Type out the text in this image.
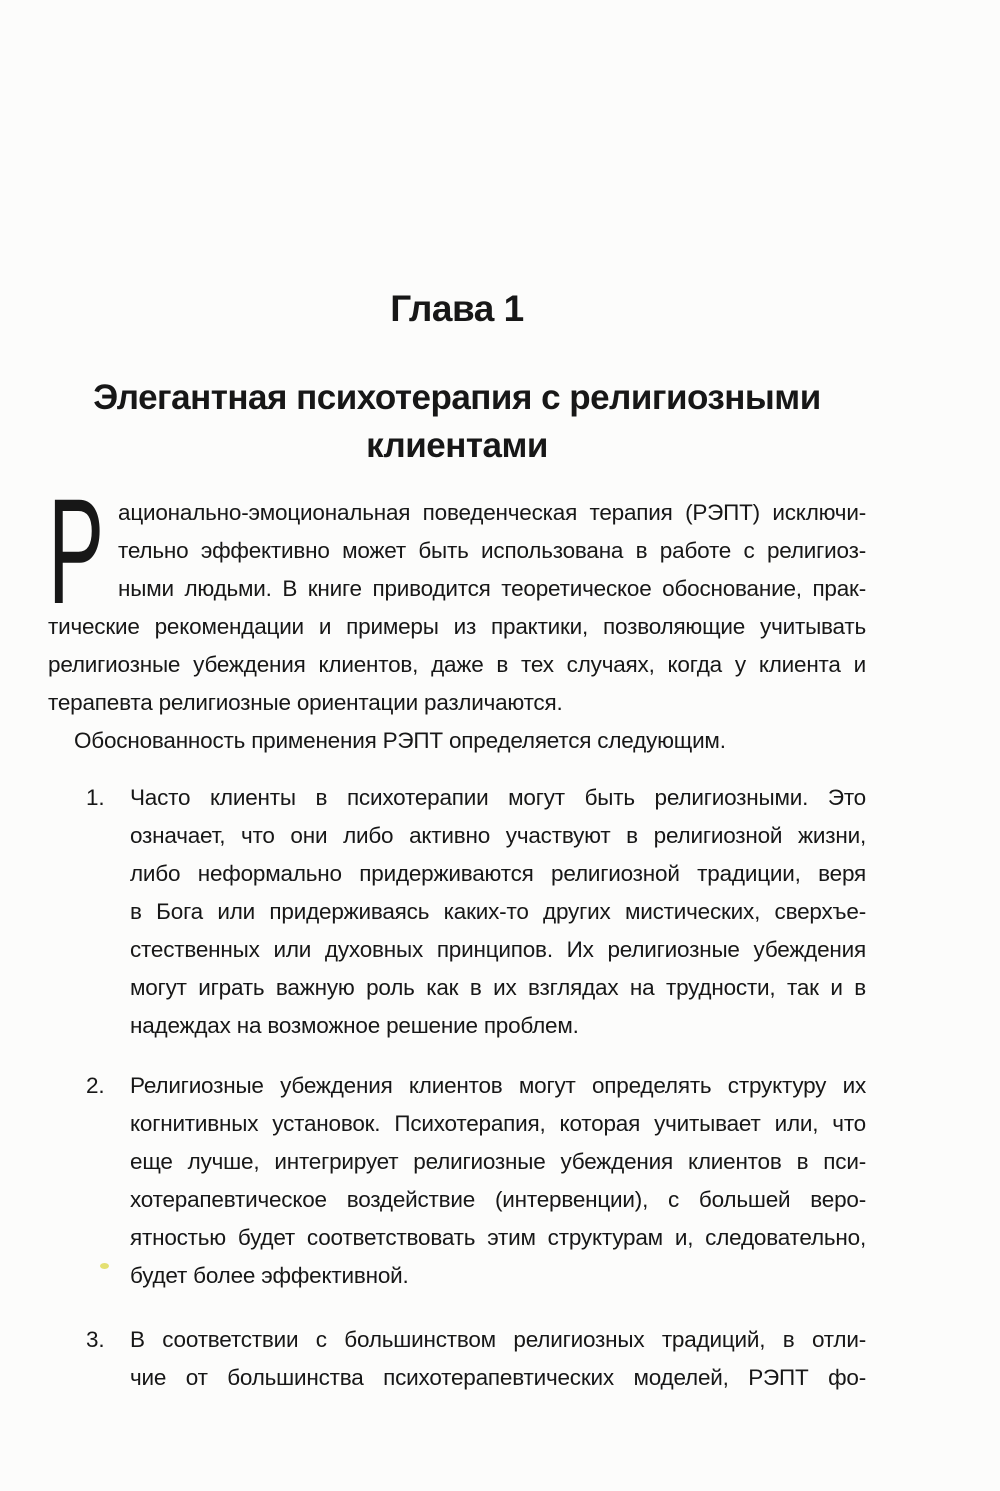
Глава 1
Элегантная психотерапия с религиозными
клиентами
Р ационально-эмоциональная поведенческая терапия (РЭПТ) исключи-
тельно эффективно может быть использована в работе с религиоз-
ными людьми. В книге приводится теоретическое обоснование, прак-
тические рекомендации и примеры из практики, позволяющие учитывать
религиозные убеждения клиентов, даже в тех случаях, когда у клиента и
терапевта религиозные ориентации различаются.
Обоснованность применения РЭПТ определяется следующим.
1.	Часто клиенты в психотерапии могут быть религиозными. Это
означает, что они либо активно участвуют в религиозной жизни,
либо неформально придерживаются религиозной традиции, веря
в Бога или придерживаясь каких-то других мистических, сверхъе-
стественных или духовных принципов. Их религиозные убеждения
могут играть важную роль как в их взглядах на трудности, так и в
надеждах на возможное решение проблем.
2.	Религиозные убеждения клиентов могут определять структуру их
когнитивных установок. Психотерапия, которая учитывает или, что
еще лучше, интегрирует религиозные убеждения клиентов в пси-
хотерапевтическое воздействие (интервенции), с большей веро-
ятностью будет соответствовать этим структурам и, следовательно,
будет более эффективной.
3.	В соответствии с большинством религиозных традиций, в отли-
чие от большинства психотерапевтических моделей, РЭПТ фо-
